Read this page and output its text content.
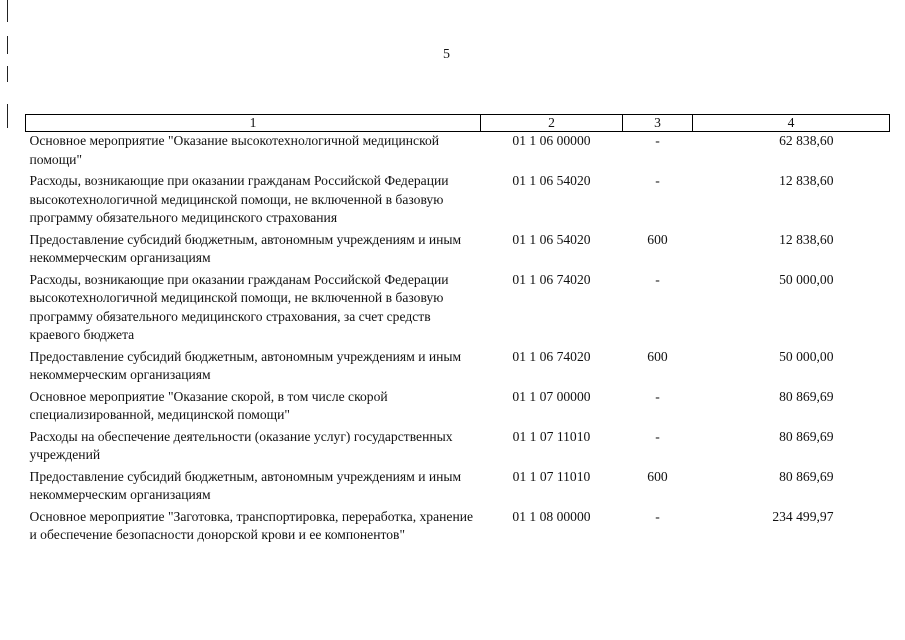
5
1	2	3	4
Основное мероприятие "Оказание высокотехнологичной медицинской помощи"	01 1 06 00000	-	62 838,60
Расходы, возникающие при оказании гражданам Российской Федерации высокотехнологичной медицинской помощи, не включенной в базовую программу обязательного медицинского страхования	01 1 06 54020	-	12 838,60
Предоставление субсидий бюджетным, автономным учреждениям и иным некоммерческим организациям	01 1 06 54020	600	12 838,60
Расходы, возникающие при оказании гражданам Российской Федерации высокотехнологичной медицинской помощи, не включенной в базовую программу обязательного медицинского страхования, за счет средств краевого бюджета	01 1 06 74020	-	50 000,00
Предоставление субсидий бюджетным, автономным учреждениям и иным некоммерческим организациям	01 1 06 74020	600	50 000,00
Основное мероприятие "Оказание скорой, в том числе скорой специализированной, медицинской помощи"	01 1 07 00000	-	80 869,69
Расходы на обеспечение деятельности (оказание услуг) государственных учреждений	01 1 07 11010	-	80 869,69
Предоставление субсидий бюджетным, автономным учреждениям и иным некоммерческим организациям	01 1 07 11010	600	80 869,69
Основное мероприятие "Заготовка, транспортировка, переработка, хранение и обеспечение безопасности донорской крови и ее компонентов"	01 1 08 00000	-	234 499,97
